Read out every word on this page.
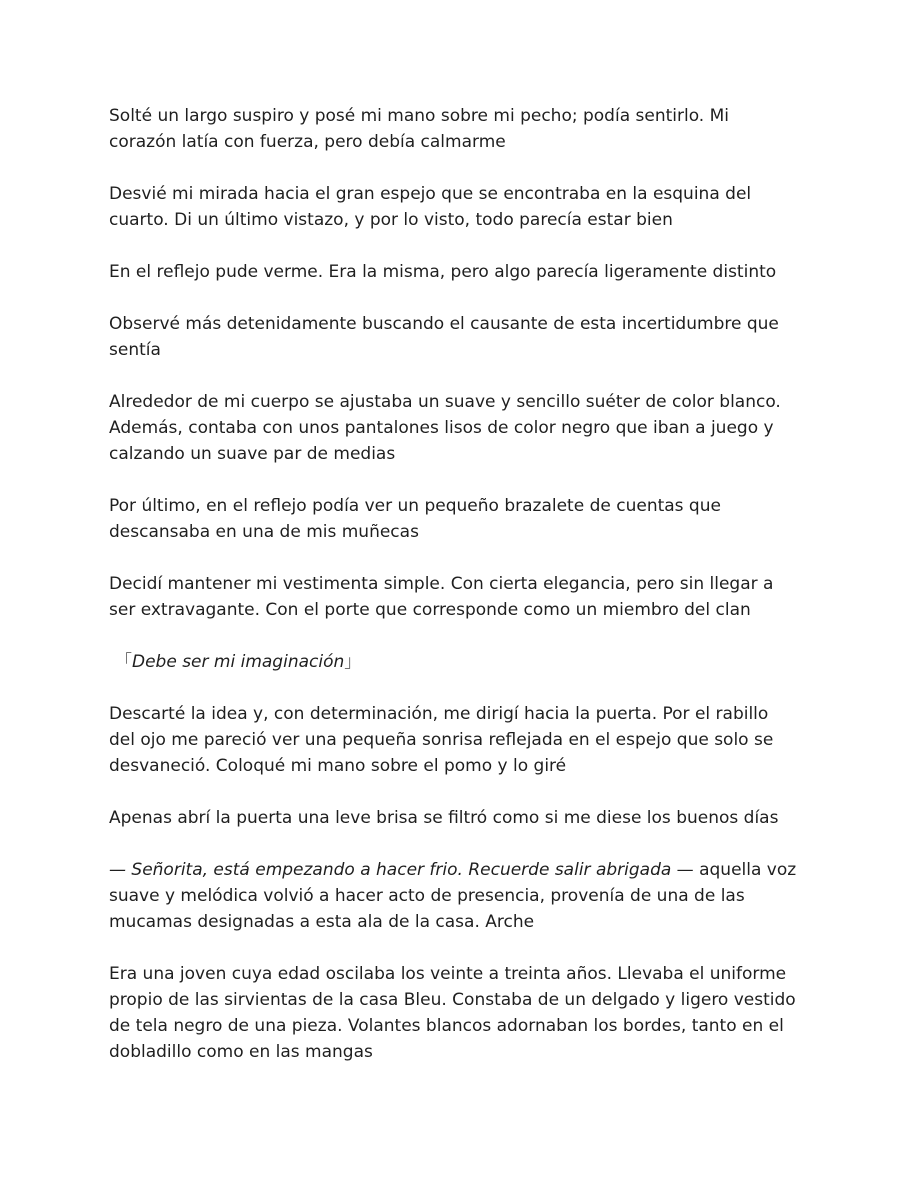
Solté un largo suspiro y posé mi mano sobre mi pecho; podía sentirlo. Mi corazón latía con fuerza, pero debía calmarme

Desvié mi mirada hacia el gran espejo que se encontraba en la esquina del cuarto. Di un último vistazo, y por lo visto, todo parecía estar bien

En el reflejo pude verme. Era la misma, pero algo parecía ligeramente distinto

Observé más detenidamente buscando el causante de esta incertidumbre que sentía

Alrededor de mi cuerpo se ajustaba un suave y sencillo suéter de color blanco. Además, contaba con unos pantalones lisos de color negro que iban a juego y calzando un suave par de medias

Por último, en el reflejo podía ver un pequeño brazalete de cuentas que descansaba en una de mis muñecas

Decidí mantener mi vestimenta simple. Con cierta elegancia, pero sin llegar a ser extravagante. Con el porte que corresponde como un miembro del clan

「Debe ser mi imaginación」

Descarté la idea y, con determinación, me dirigí hacia la puerta. Por el rabillo del ojo me pareció ver una pequeña sonrisa reflejada en el espejo que solo se desvaneció. Coloqué mi mano sobre el pomo y lo giré

Apenas abrí la puerta una leve brisa se filtró como si me diese los buenos días

— Señorita, está empezando a hacer frio. Recuerde salir abrigada — aquella voz suave y melódica volvió a hacer acto de presencia, provenía de una de las mucamas designadas a esta ala de la casa. Arche

Era una joven cuya edad oscilaba los veinte a treinta años. Llevaba el uniforme propio de las sirvientas de la casa Bleu. Constaba de un delgado y ligero vestido de tela negro de una pieza. Volantes blancos adornaban los bordes, tanto en el dobladillo como en las mangas
